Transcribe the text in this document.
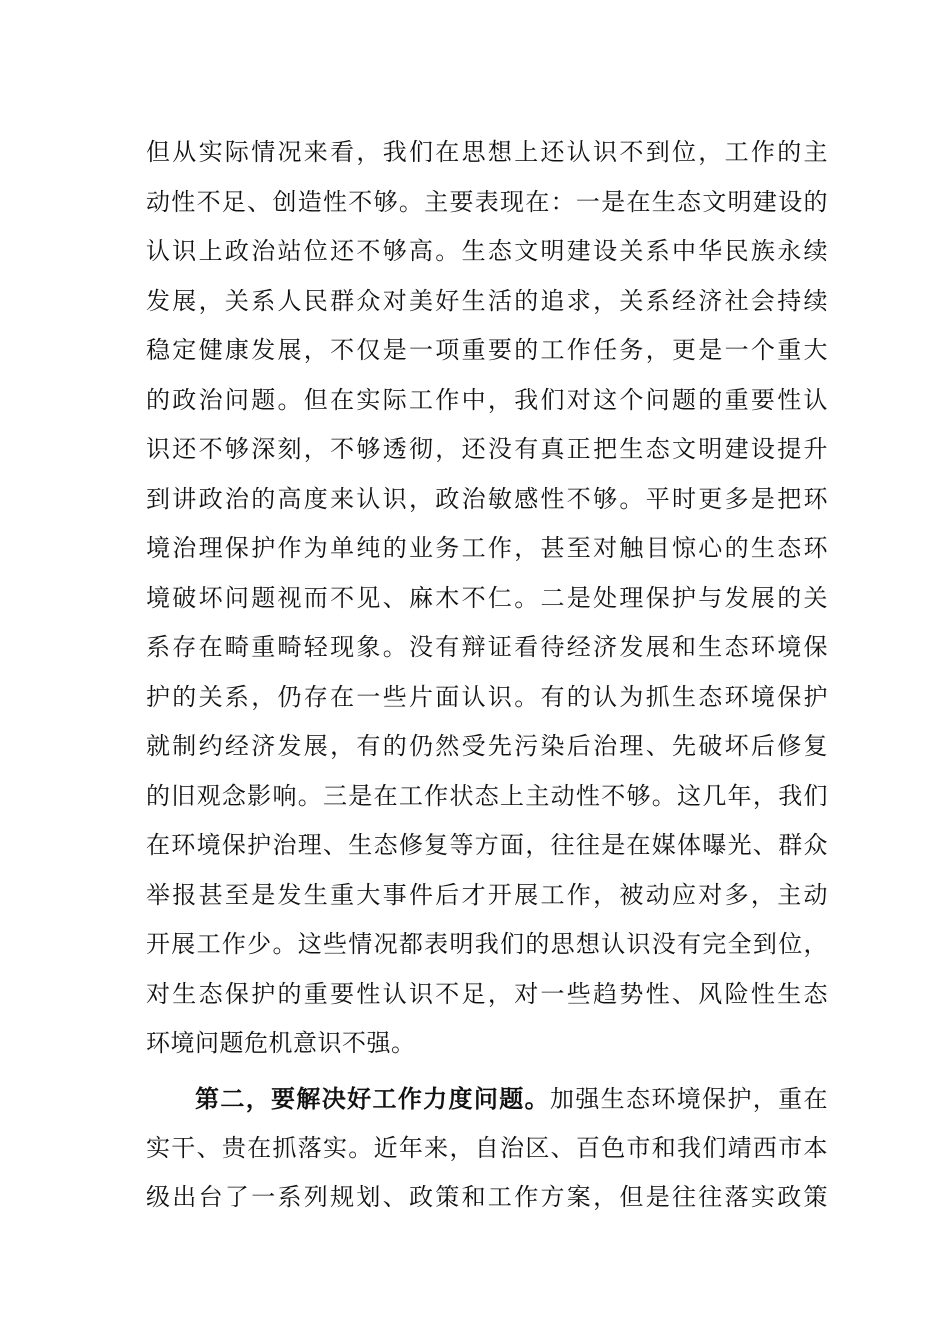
但从实际情况来看，我们在思想上还认识不到位，工作的主
动性不足、创造性不够。主要表现在：一是在生态文明建设的
认识上政治站位还不够高。生态文明建设关系中华民族永续
发展，关系人民群众对美好生活的追求，关系经济社会持续
稳定健康发展，不仅是一项重要的工作任务，更是一个重大
的政治问题。但在实际工作中，我们对这个问题的重要性认
识还不够深刻，不够透彻，还没有真正把生态文明建设提升
到讲政治的高度来认识，政治敏感性不够。平时更多是把环
境治理保护作为单纯的业务工作，甚至对触目惊心的生态环
境破坏问题视而不见、麻木不仁。二是处理保护与发展的关
系存在畸重畸轻现象。没有辩证看待经济发展和生态环境保
护的关系，仍存在一些片面认识。有的认为抓生态环境保护
就制约经济发展，有的仍然受先污染后治理、先破坏后修复
的旧观念影响。三是在工作状态上主动性不够。这几年，我们
在环境保护治理、生态修复等方面，往往是在媒体曝光、群众
举报甚至是发生重大事件后才开展工作，被动应对多，主动
开展工作少。这些情况都表明我们的思想认识没有完全到位，
对生态保护的重要性认识不足，对一些趋势性、风险性生态
环境问题危机意识不强。
第二，要解决好工作力度问题。加强生态环境保护，重在
实干、贵在抓落实。近年来，自治区、百色市和我们靖西市本
级出台了一系列规划、政策和工作方案，但是往往落实政策
